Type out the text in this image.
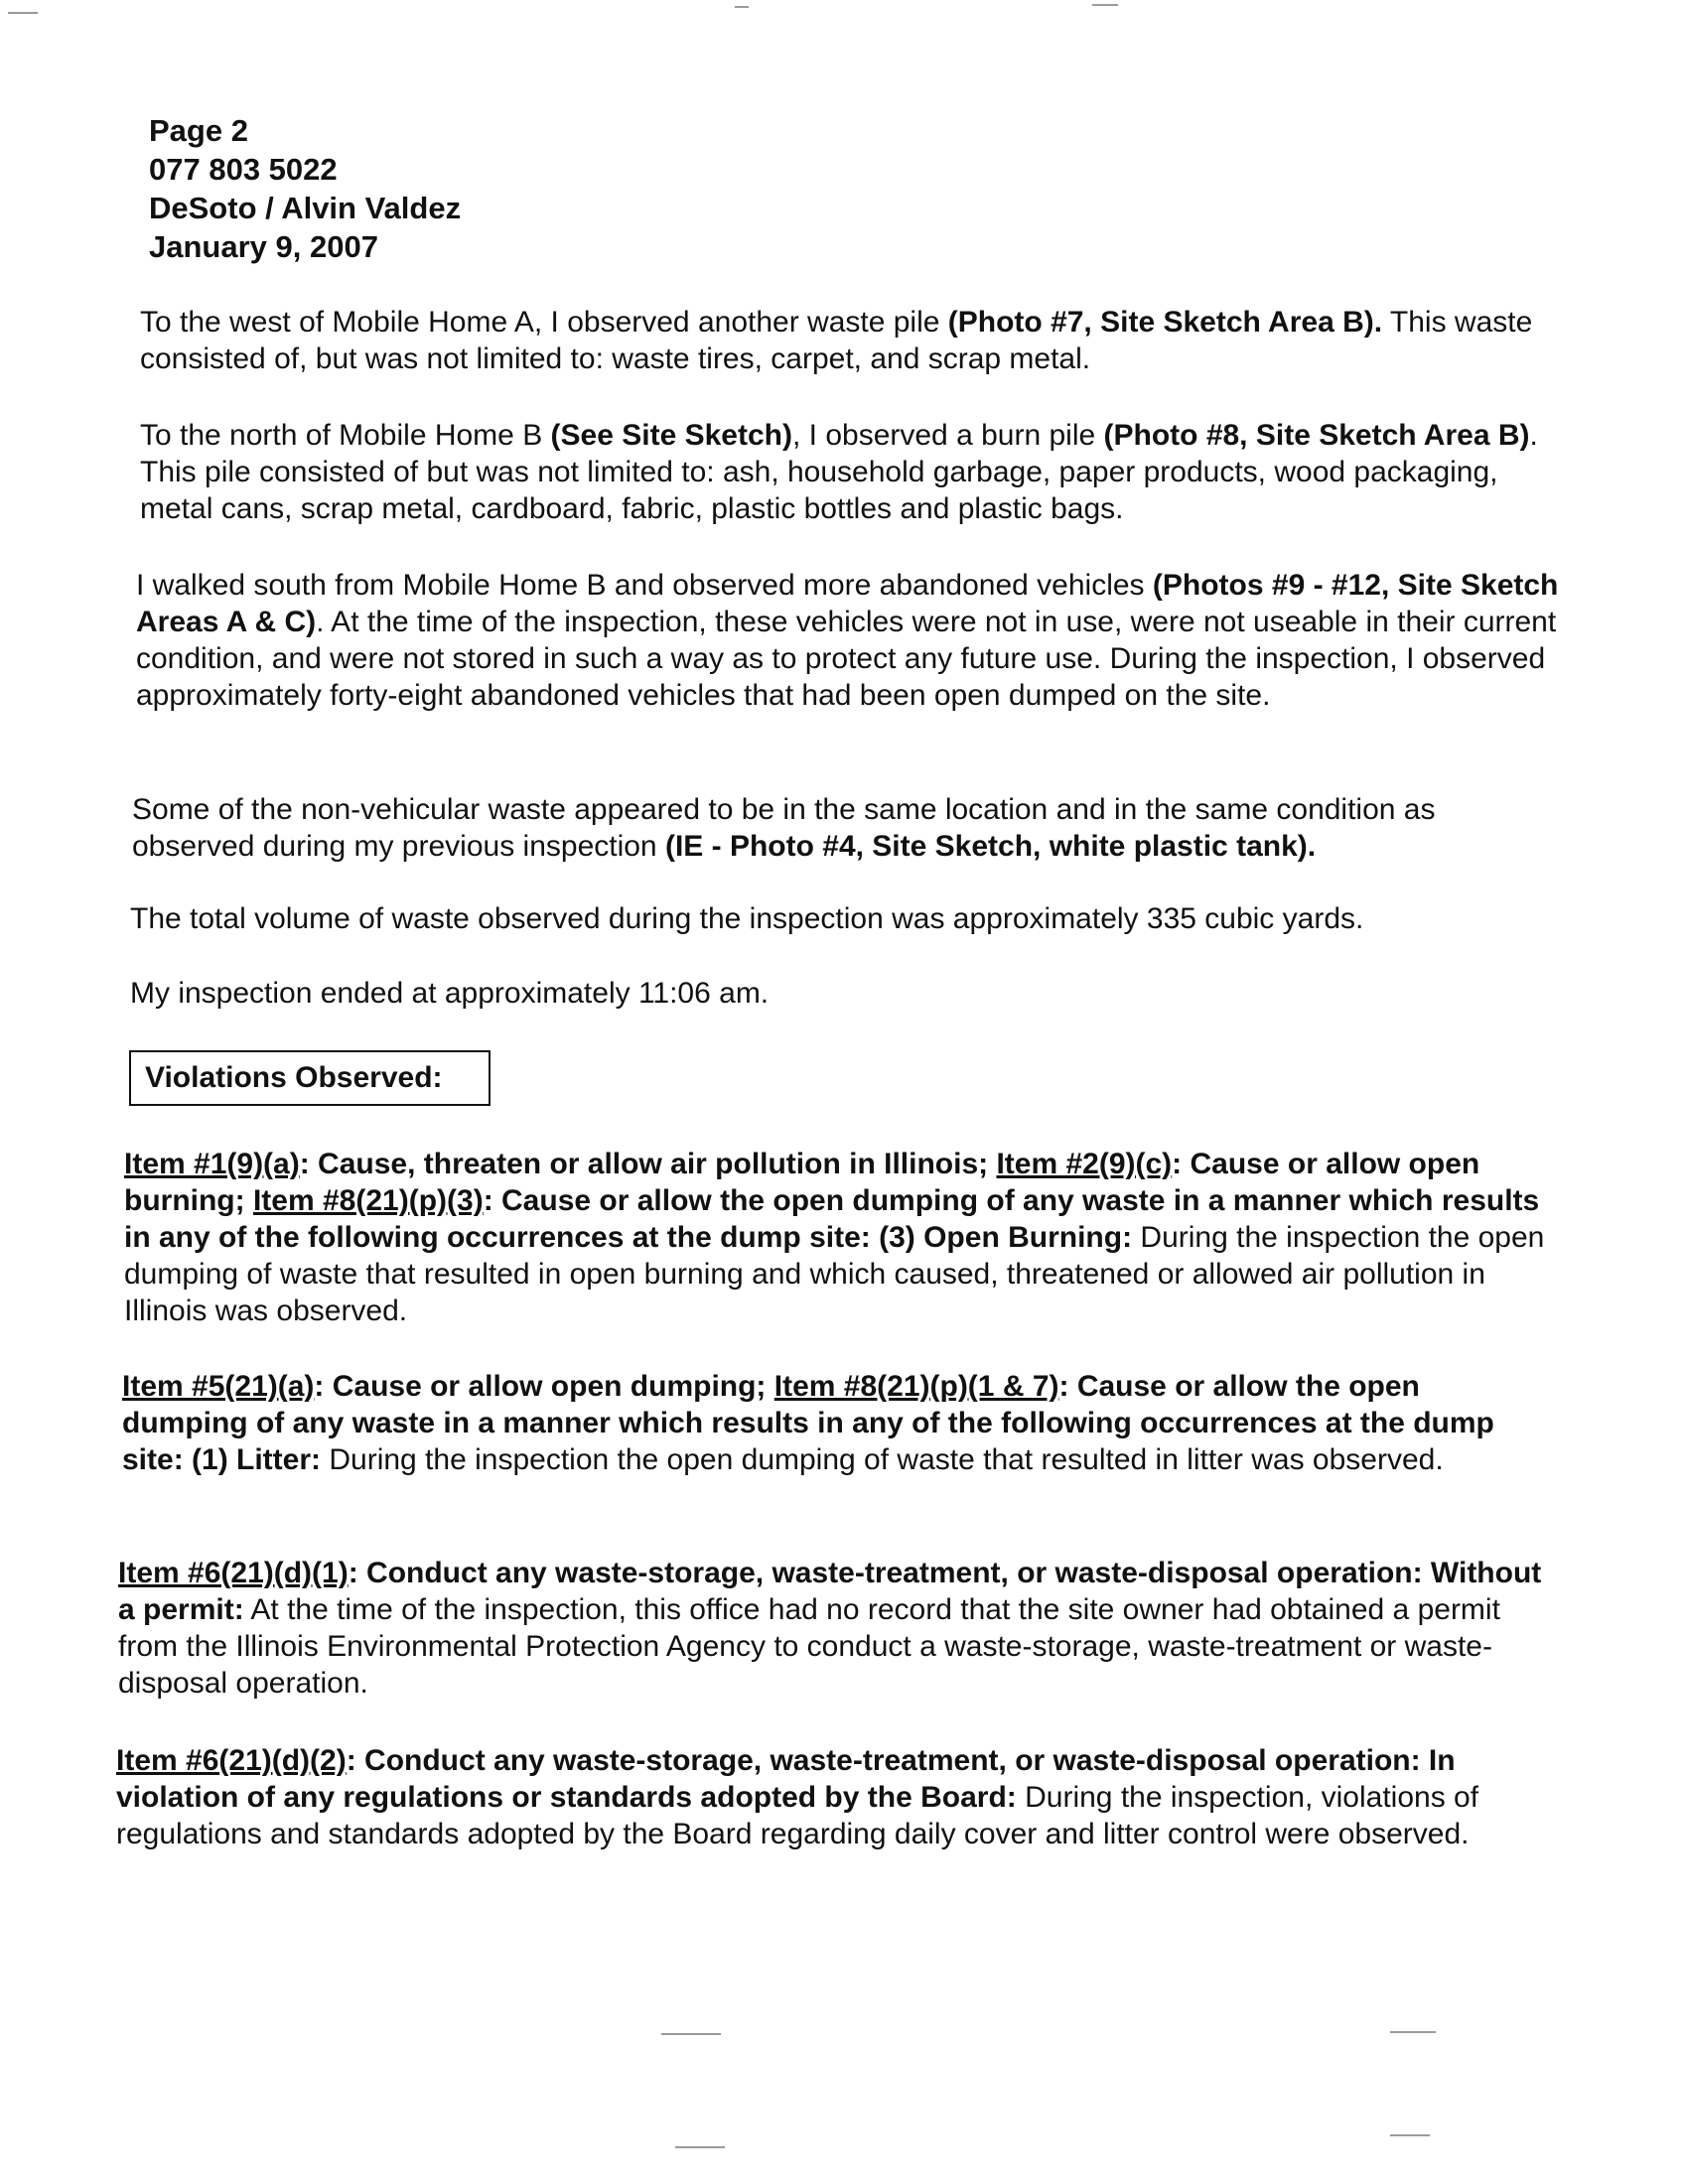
Page 2
077 803 5022
DeSoto / Alvin Valdez
January 9, 2007
To the west of Mobile Home A, I observed another waste pile (Photo #7, Site Sketch Area B). This waste consisted of, but was not limited to: waste tires, carpet, and scrap metal.
To the north of Mobile Home B (See Site Sketch), I observed a burn pile (Photo #8, Site Sketch Area B). This pile consisted of but was not limited to: ash, household garbage, paper products, wood packaging, metal cans, scrap metal, cardboard, fabric, plastic bottles and plastic bags.
I walked south from Mobile Home B and observed more abandoned vehicles (Photos #9 - #12, Site Sketch Areas A & C). At the time of the inspection, these vehicles were not in use, were not useable in their current condition, and were not stored in such a way as to protect any future use. During the inspection, I observed approximately forty-eight abandoned vehicles that had been open dumped on the site.
Some of the non-vehicular waste appeared to be in the same location and in the same condition as observed during my previous inspection (IE - Photo #4, Site Sketch, white plastic tank).
The total volume of waste observed during the inspection was approximately 335 cubic yards.
My inspection ended at approximately 11:06 am.
Violations Observed:
Item #1(9)(a): Cause, threaten or allow air pollution in Illinois; Item #2(9)(c): Cause or allow open burning; Item #8(21)(p)(3): Cause or allow the open dumping of any waste in a manner which results in any of the following occurrences at the dump site: (3) Open Burning: During the inspection the open dumping of waste that resulted in open burning and which caused, threatened or allowed air pollution in Illinois was observed.
Item #5(21)(a): Cause or allow open dumping; Item #8(21)(p)(1 & 7): Cause or allow the open dumping of any waste in a manner which results in any of the following occurrences at the dump site: (1) Litter: During the inspection the open dumping of waste that resulted in litter was observed.
Item #6(21)(d)(1): Conduct any waste-storage, waste-treatment, or waste-disposal operation: Without a permit: At the time of the inspection, this office had no record that the site owner had obtained a permit from the Illinois Environmental Protection Agency to conduct a waste-storage, waste-treatment or waste-disposal operation.
Item #6(21)(d)(2): Conduct any waste-storage, waste-treatment, or waste-disposal operation: In violation of any regulations or standards adopted by the Board: During the inspection, violations of regulations and standards adopted by the Board regarding daily cover and litter control were observed.
